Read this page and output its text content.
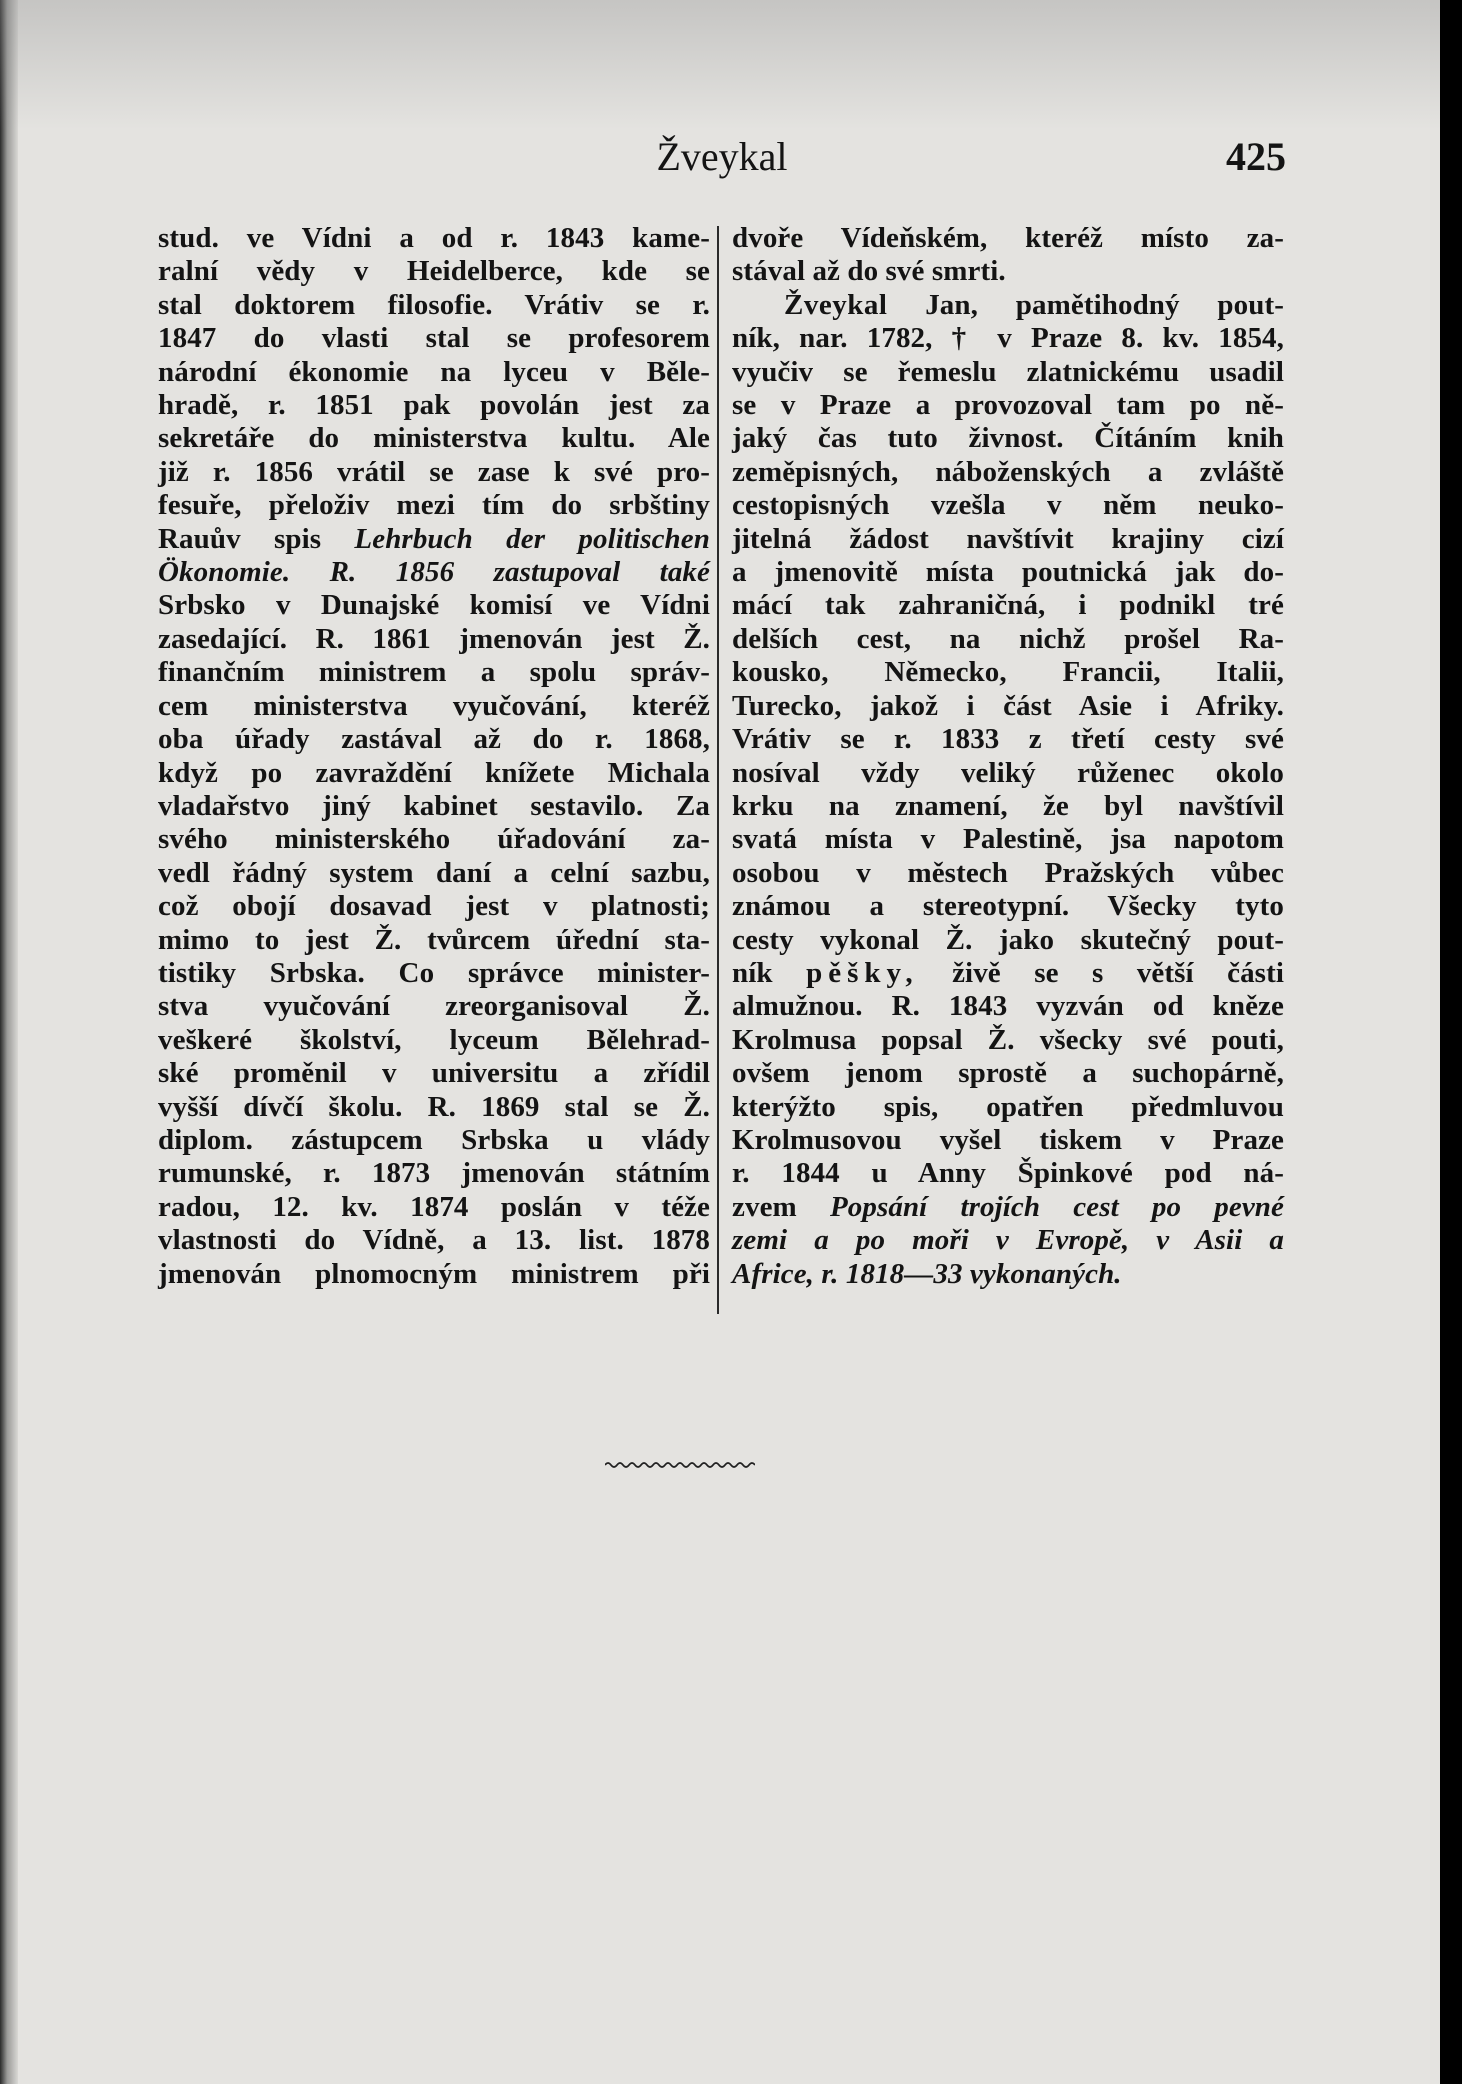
Žveykal	425
stud. ve Vídni a od r. 1843 kame-
ralní vědy v Heidelberce, kde se
stal doktorem filosofie. Vrátiv se r.
1847 do vlasti stal se profesorem
národní ékonomie na lyceu v Běle-
hradě, r. 1851 pak povolán jest za
sekretáře do ministerstva kultu. Ale
již r. 1856 vrátil se zase k své pro-
fesuře, přeloživ mezi tím do srbštiny
Rauův spis Lehrbuch der politischen
Ökonomie. R. 1856 zastupoval také
Srbsko v Dunajské komisí ve Vídni
zasedající. R. 1861 jmenován jest Ž.
finančním ministrem a spolu správ-
cem ministerstva vyučování, kteréž
oba úřady zastával až do r. 1868,
když po zavraždění knížete Michala
vladařstvo jiný kabinet sestavilo. Za
svého ministerského úřadování za-
vedl řádný system daní a celní sazbu,
což obojí dosavad jest v platnosti;
mimo to jest Ž. tvůrcem úřední sta-
tistiky Srbska. Co správce minister-
stva vyučování zreorganisoval Ž.
veškeré školství, lyceum Bělehrad-
ské proměnil v universitu a zřídil
vyšší dívčí školu. R. 1869 stal se Ž.
diplom. zástupcem Srbska u vlády
rumunské, r. 1873 jmenován státním
radou, 12. kv. 1874 poslán v téže
vlastnosti do Vídně, a 13. list. 1878
jmenován plnomocným ministrem při
dvoře Vídeňském, kteréž místo za-
stával až do své smrti.
Žveykal Jan, pamětihodný pout-
ník, nar. 1782, † v Praze 8. kv. 1854,
vyučiv se řemeslu zlatnickému usadil
se v Praze a provozoval tam po ně-
jaký čas tuto živnost. Čítáním knih
zeměpisných, náboženských a zvláště
cestopisných vzešla v něm neuko-
jitelná žádost navštívit krajiny cizí
a jmenovitě místa poutnická jak do-
mácí tak zahraničná, i podnikl tré
delších cest, na nichž prošel Ra-
kousko, Německo, Francii, Italii,
Turecko, jakož i část Asie i Afriky.
Vrátiv se r. 1833 z třetí cesty své
nosíval vždy veliký růženec okolo
krku na znamení, že byl navštívil
svatá místa v Palestině, jsa napotom
osobou v městech Pražských vůbec
známou a stereotypní. Všecky tyto
cesty vykonal Ž. jako skutečný pout-
ník pěšky, živě se s větší části
almužnou. R. 1843 vyzván od kněze
Krolmusa popsal Ž. všecky své pouti,
ovšem jenom sprostě a suchopárně,
kterýžto spis, opatřen předmluvou
Krolmusovou vyšel tiskem v Praze
r. 1844 u Anny Špinkové pod ná-
zvem Popsání trojích cest po pevné
zemi a po moři v Evropě, v Asii a
Africe, r. 1818—33 vykonaných.
